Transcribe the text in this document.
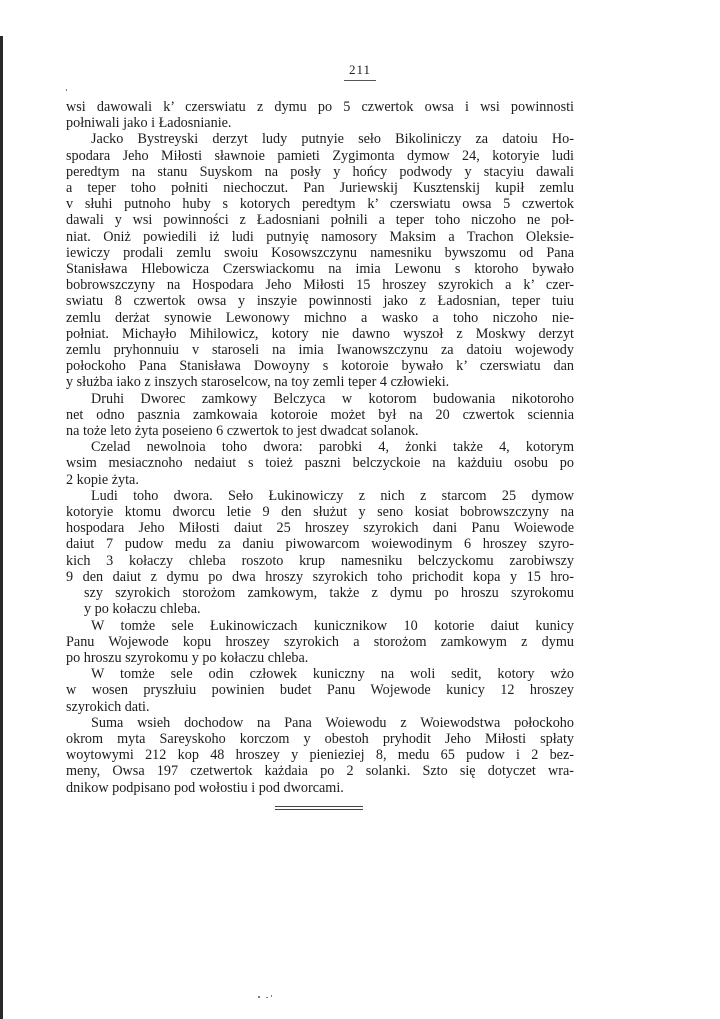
211
wsi dawowali k’ czerswiatu z dymu po 5 czwertok owsa i wsi powinnosti
połniwali jako i Ładosnianie.
Jacko Bystreyski derzyt ludy putnyie seło Bikoliniczy za datoiu Ho-
spodara Jeho Miłosti sławnoie pamieti Zygimonta dymow 24, kotoryie ludi
peredtym na stanu Suyskom na posły y hońcy podwody y stacyiu dawali
a teper toho połniti niechoczut. Pan Juriewskij Kusztenskij kupił zemlu
v słuhi putnoho huby s kotorych peredtym k’ czerswiatu owsa 5 czwertok
dawali y wsi powinności z Ładosniani połnili a teper toho niczoho ne poł-
niat. Oniż powiedili iż ludi putnyię namosory Maksim a Trachon Oleksie-
iewiczy prodali zemlu swoiu Kosowszczynu namesniku bywszomu od Pana
Stanisława Hlebowicza Czerswiackomu na imia Lewonu s ktoroho bywało
bobrowszczyny na Hospodara Jeho Miłosti 15 hroszey szyrokich a k’ czer-
swiatu 8 czwertok owsa y inszyie powinnosti jako z Ładosnian, teper tuiu
zemlu derżat synowie Lewonowy michno a wasko a toho niczoho nie-
połniat. Michayło Mihilowicz, kotory nie dawno wyszoł z Moskwy derzyt
zemlu pryhonnuiu v staroseli na imia Iwanowszczynu za datoiu wojewody
połockoho Pana Stanisława Dowoyny s kotoroie bywało k’ czerswiatu dan
y służba iako z inszych staroselcow, na toy zemli teper 4 człowieki.
Druhi Dworec zamkowy Belczyca w kotorom budowania nikotoroho
net odno pasznia zamkowaia kotoroie możet był na 20 czwertok sciennia
na tożе leto żyta poseieno 6 czwertok to jest dwadcat solanok.
Czelad newolnoia toho dwora: parobki 4, żonki także 4, kotorym
wsim mesiacznoho nedaiut s toież paszni belczyckoie na każduiu osobu po
2 kopie żyta.
Ludi toho dwora. Seło Łukinowiczy z nich z starcom 25 dymow
kotoryie ktomu dworcu letie 9 den służut y seno kosiat bobrowszczyny na
hospodara Jeho Miłosti daiut 25 hroszey szyrokich dani Panu Woiewode
daiut 7 pudow medu za daniu piwowarcom woiewodinym 6 hroszey szyro-
kich 3 kołaczy chleba roszoto krup namesniku belczyckomu zarobiwszy
9 den daiut z dymu po dwa hroszy szyrokich toho prichodit kopa y 15 hro-
szy szyrokich storożom zamkowym, także z dymu po hroszu szyrokomu
y po kołaczu chleba.
W tomże sele Łukinowiczach kunicznikow 10 kotorie daiut kunicy
Panu Wojewode kopu hroszey szyrokich a storożom zamkowym z dymu
po hroszu szyrokomu y po kołaczu chleba.
W tomże sele odin człowek kuniczny na woli sedit, kotory wżo
w wosen pryszłuiu powinien budet Panu Wojewode kunicy 12 hroszey
szyrokich dati.
Suma wsieh dochodow na Pana Woiewodu z Woiewodstwa połockoho
okrom myta Sareyskoho korczom y obestoh pryhodit Jeho Miłosti spłaty
woytowymi 212 kop 48 hroszey y pienieziej 8, medu 65 pudow i 2 bez-
meny, Owsa 197 czetwertok każdaia po 2 solanki. Szto się dotyczet wra-
dnikow podpisano pod wołostiu i pod dworcami.
